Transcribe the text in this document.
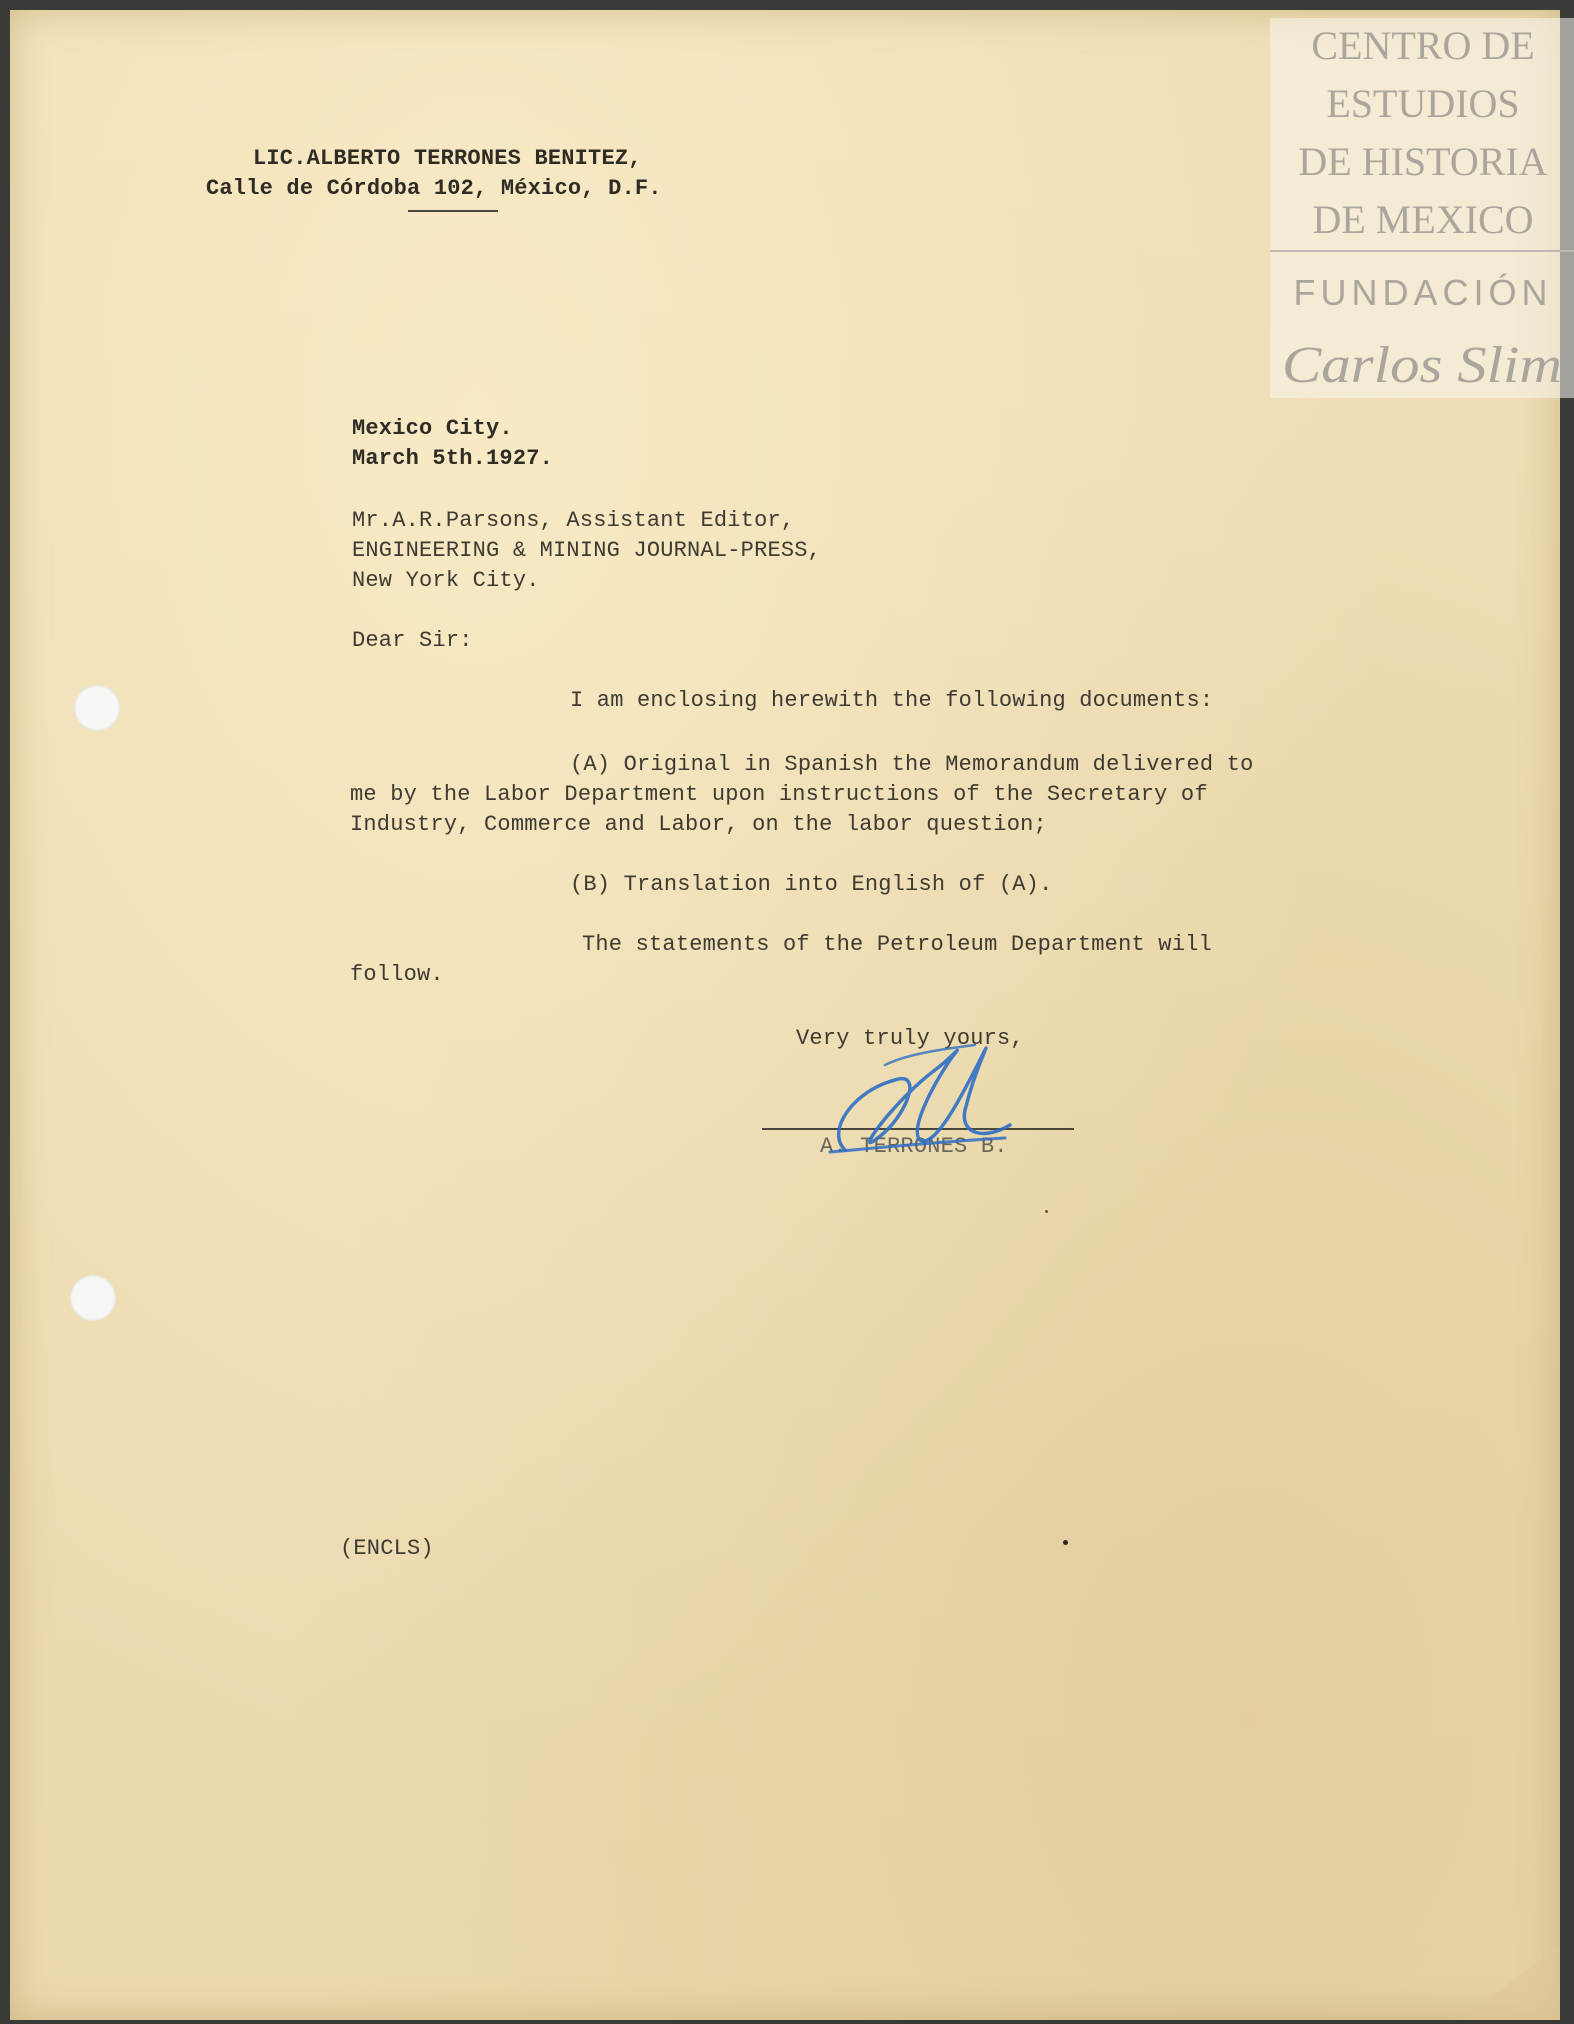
LIC.ALBERTO TERRONES BENITEZ,
Calle de Córdoba 102, México, D.F.
Mexico City.
March 5th.1927.
Mr.A.R.Parsons, Assistant Editor,
ENGINEERING & MINING JOURNAL-PRESS,
New York City.
Dear Sir:
I am enclosing herewith the following documents:
(A) Original in Spanish the Memorandum delivered to
me by the Labor Department upon instructions of the Secretary of
Industry, Commerce and Labor, on the labor question;
(B) Translation into English of (A).
The statements of the Petroleum Department will
follow.
Very truly yours,
A. TERRONES B.
(ENCLS)
CENTRO DE
ESTUDIOS
DE HISTORIA
DE MEXICO
FUNDACIÓN
Carlos Slim
